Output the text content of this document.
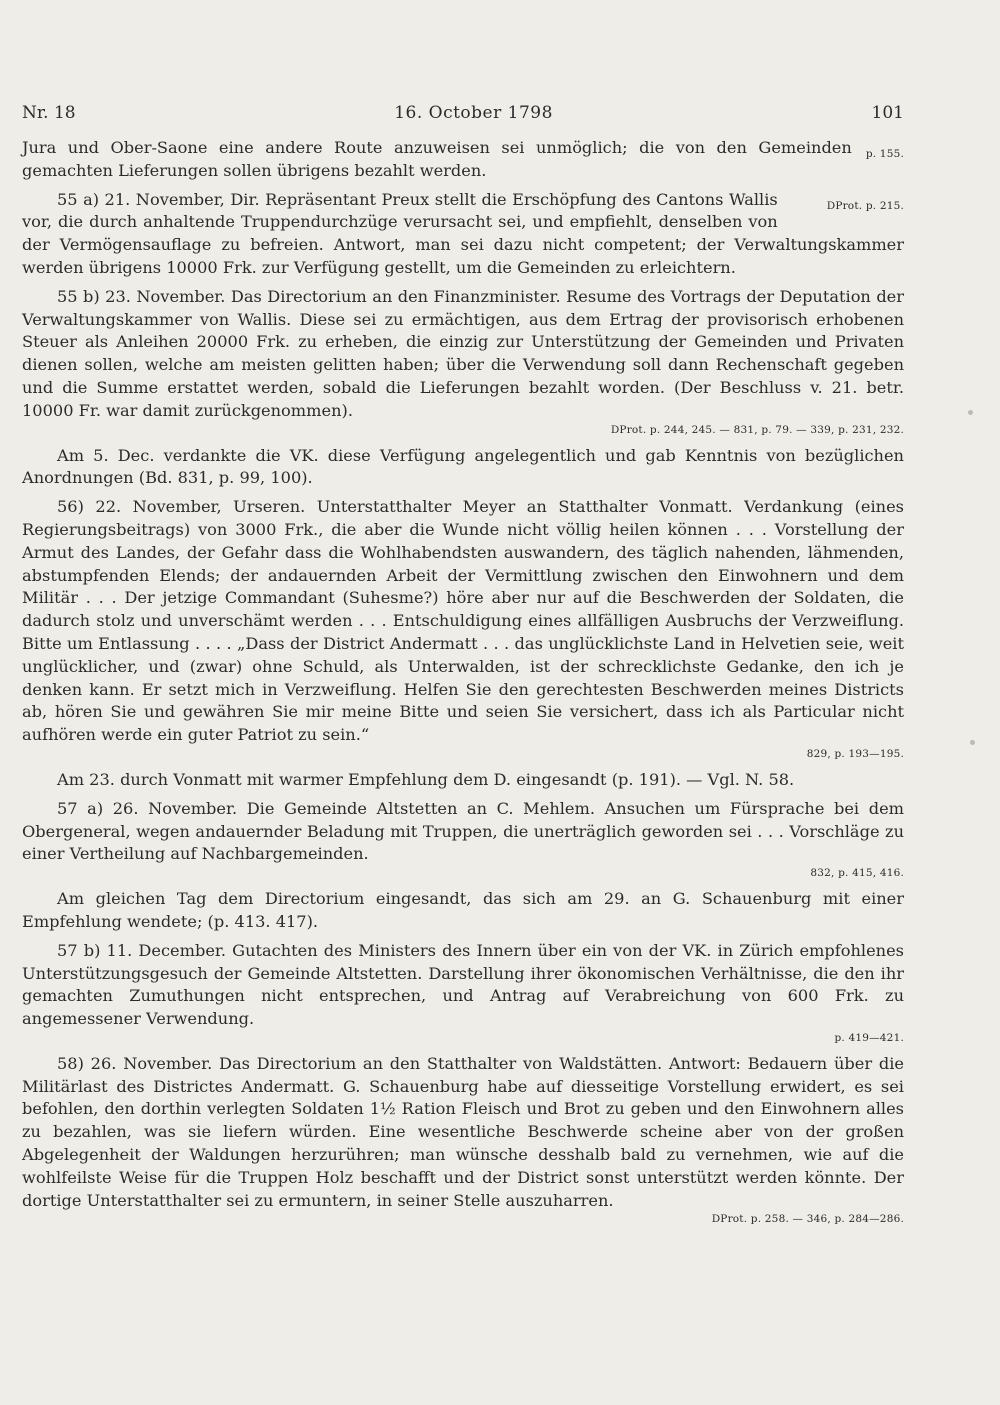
Nr. 18	16. October 1798	101

p. 155.
Jura und Ober-Saone eine andere Route anzuweisen sei unmöglich; die von den Gemeinden gemachten Lieferungen sollen übrigens bezahlt werden.

DProt. p. 215.
55 a) 21. November, Dir. Repräsentant Preux stellt die Erschöpfung des Cantons Wallis vor, die durch anhaltende Truppendurchzüge verursacht sei, und empfiehlt, denselben von der Vermögensauflage zu befreien. Antwort, man sei dazu nicht competent; der Verwaltungskammer werden übrigens 10000 Frk. zur Verfügung gestellt, um die Gemeinden zu erleichtern.

55 b) 23. November. Das Directorium an den Finanzminister. Resume des Vortrags der Deputation der Verwaltungskammer von Wallis. Diese sei zu ermächtigen, aus dem Ertrag der provisorisch erhobenen Steuer als Anleihen 20000 Frk. zu erheben, die einzig zur Unterstützung der Gemeinden und Privaten dienen sollen, welche am meisten gelitten haben; über die Verwendung soll dann Rechenschaft gegeben und die Summe erstattet werden, sobald die Lieferungen bezahlt worden. (Der Beschluss v. 21. betr. 10000 Fr. war damit zurückgenommen).
DProt. p. 244, 245. — 831, p. 79. — 339, p. 231, 232.

Am 5. Dec. verdankte die VK. diese Verfügung angelegentlich und gab Kenntnis von bezüglichen Anordnungen (Bd. 831, p. 99, 100).

56) 22. November, Urseren. Unterstatthalter Meyer an Statthalter Vonmatt. Verdankung (eines Regierungsbeitrags) von 3000 Frk., die aber die Wunde nicht völlig heilen können . . . Vorstellung der Armut des Landes, der Gefahr dass die Wohlhabendsten auswandern, des täglich nahenden, lähmenden, abstumpfenden Elends; der andauernden Arbeit der Vermittlung zwischen den Einwohnern und dem Militär . . . Der jetzige Commandant (Suhesme?) höre aber nur auf die Beschwerden der Soldaten, die dadurch stolz und unverschämt werden . . . Entschuldigung eines allfälligen Ausbruchs der Verzweiflung. Bitte um Entlassung . . . . „Dass der District Andermatt . . . das unglücklichste Land in Helvetien seie, weit unglücklicher, und (zwar) ohne Schuld, als Unterwalden, ist der schrecklichste Gedanke, den ich je denken kann. Er setzt mich in Verzweiflung. Helfen Sie den gerechtesten Beschwerden meines Districts ab, hören Sie und gewähren Sie mir meine Bitte und seien Sie versichert, dass ich als Particular nicht aufhören werde ein guter Patriot zu sein.“
829, p. 193—195.

Am 23. durch Vonmatt mit warmer Empfehlung dem D. eingesandt (p. 191). — Vgl. N. 58.

57 a) 26. November. Die Gemeinde Altstetten an C. Mehlem. Ansuchen um Fürsprache bei dem Obergeneral, wegen andauernder Beladung mit Truppen, die unerträglich geworden sei . . . Vorschläge zu einer Vertheilung auf Nachbargemeinden.
832, p. 415, 416.

Am gleichen Tag dem Directorium eingesandt, das sich am 29. an G. Schauenburg mit einer Empfehlung wendete; (p. 413. 417).

57 b) 11. December. Gutachten des Ministers des Innern über ein von der VK. in Zürich empfohlenes Unterstützungsgesuch der Gemeinde Altstetten. Darstellung ihrer ökonomischen Verhältnisse, die den ihr gemachten Zumuthungen nicht entsprechen, und Antrag auf Verabreichung von 600 Frk. zu angemessener Verwendung.
p. 419—421.

58) 26. November. Das Directorium an den Statthalter von Waldstätten. Antwort: Bedauern über die Militärlast des Districtes Andermatt. G. Schauenburg habe auf diesseitige Vorstellung erwidert, es sei befohlen, den dorthin verlegten Soldaten 1½ Ration Fleisch und Brot zu geben und den Einwohnern alles zu bezahlen, was sie liefern würden. Eine wesentliche Beschwerde scheine aber von der großen Abgelegenheit der Waldungen herzurühren; man wünsche desshalb bald zu vernehmen, wie auf die wohlfeilste Weise für die Truppen Holz beschafft und der District sonst unterstützt werden könnte. Der dortige Unterstatthalter sei zu ermuntern, in seiner Stelle auszuharren.
DProt. p. 258. — 346, p. 284—286.
